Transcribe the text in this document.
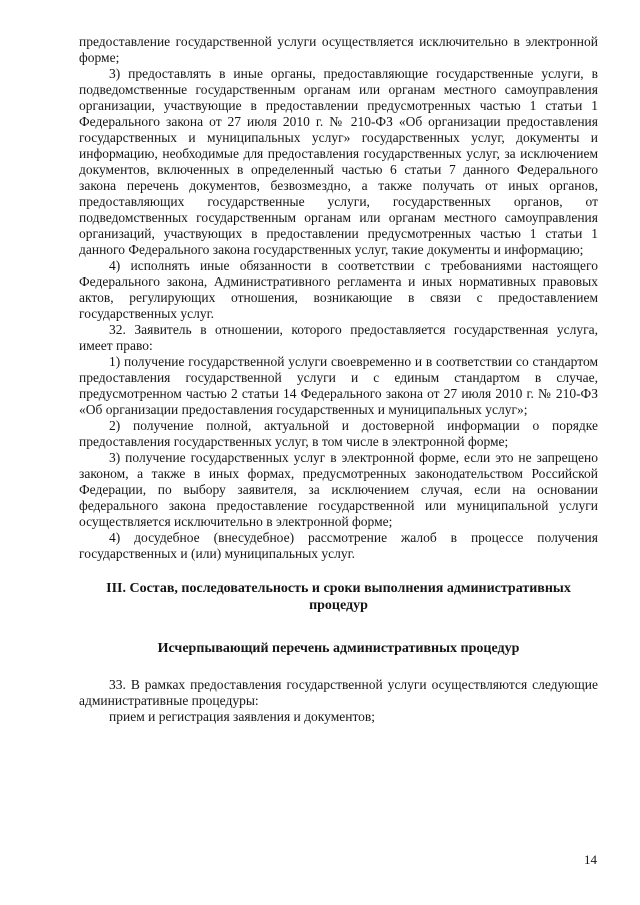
предоставление государственной услуги осуществляется исключительно в электронной форме;

3) предоставлять в иные органы, предоставляющие государственные услуги, в подведомственные государственным органам или органам местного самоуправления организации, участвующие в предоставлении предусмотренных частью 1 статьи 1 Федерального закона от 27 июля 2010 г. № 210-ФЗ «Об организации предоставления государственных и муниципальных услуг» государственных услуг, документы и информацию, необходимые для предоставления государственных услуг, за исключением документов, включенных в определенный частью 6 статьи 7 данного Федерального закона перечень документов, безвозмездно, а также получать от иных органов, предоставляющих государственные услуги, государственных органов, от подведомственных государственным органам или органам местного самоуправления организаций, участвующих в предоставлении предусмотренных частью 1 статьи 1 данного Федерального закона государственных услуг, такие документы и информацию;

4) исполнять иные обязанности в соответствии с требованиями настоящего Федерального закона, Административного регламента и иных нормативных правовых актов, регулирующих отношения, возникающие в связи с предоставлением государственных услуг.

32. Заявитель в отношении, которого предоставляется государственная услуга, имеет право:

1) получение государственной услуги своевременно и в соответствии со стандартом предоставления государственной услуги и с единым стандартом в случае, предусмотренном частью 2 статьи 14 Федерального закона от 27 июля 2010 г. № 210-ФЗ «Об организации предоставления государственных и муниципальных услуг»;

2) получение полной, актуальной и достоверной информации о порядке предоставления государственных услуг, в том числе в электронной форме;

3) получение государственных услуг в электронной форме, если это не запрещено законом, а также в иных формах, предусмотренных законодательством Российской Федерации, по выбору заявителя, за исключением случая, если на основании федерального закона предоставление государственной или муниципальной услуги осуществляется исключительно в электронной форме;

4) досудебное (внесудебное) рассмотрение жалоб в процессе получения государственных и (или) муниципальных услуг.

III. Состав, последовательность и сроки выполнения административных процедур
Исчерпывающий перечень административных процедур

33. В рамках предоставления государственной услуги осуществляются следующие административные процедуры:

прием и регистрация заявления и документов;

14
